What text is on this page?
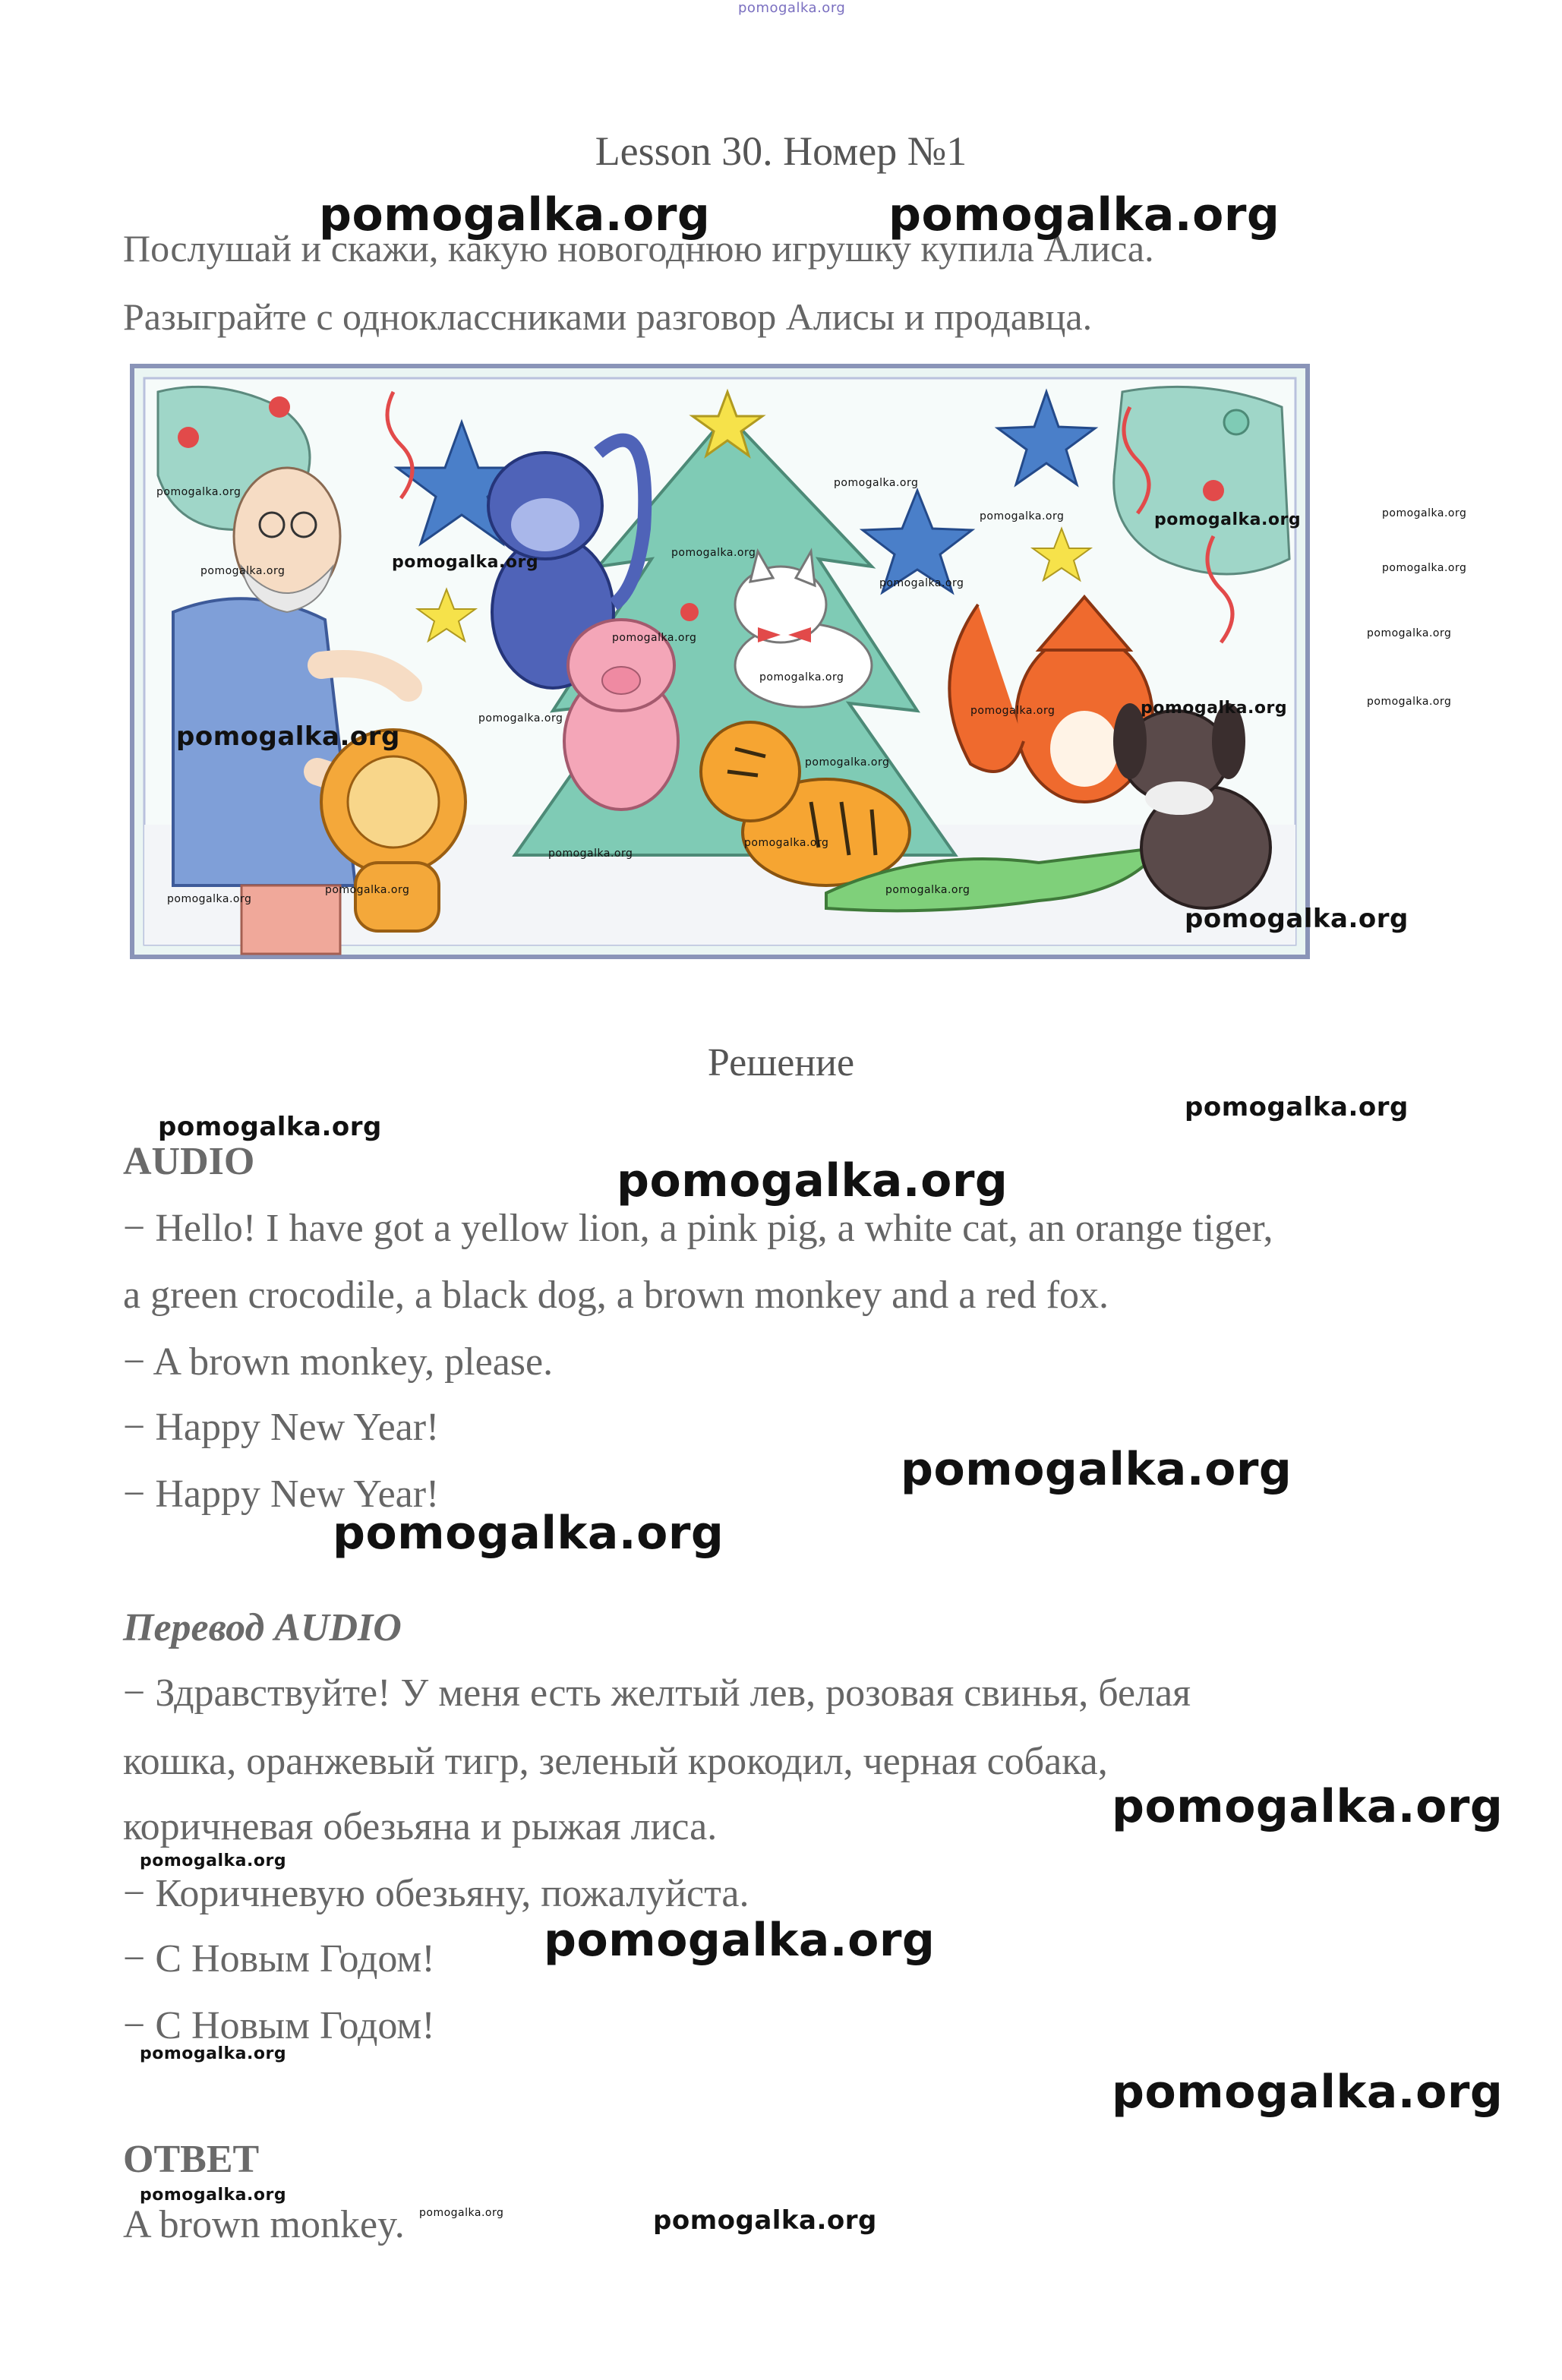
pomogalka.org
Lesson 30. Номер №1
Послушай и скажи, какую новогоднюю игрушку купила Алиса.
Разыграйте с одноклассниками разговор Алисы и продавца.
pomogalka.org	pomogalka.org
pomogalka.org
pomogalka.org
pomogalka.org	pomogalka.org	pomogalka.org
pomogalka.org	pomogalka.org
pomogalka.org
pomogalka.org
pomogalka.org
pomogalka.org	pomogalka.org
pomogalka.org
pomogalka.org
pomogalka.org	pomogalka.org	pomogalka.org
pomogalka.org
pomogalka.org
pomogalka.org
pomogalka.org
pomogalka.org	pomogalka.org
pomogalka.org
pomogalka.org
Решение
pomogalka.org
pomogalka.org
pomogalka.org
AUDIO
− Hello! I have got a yellow lion, a pink pig, a white cat, an orange tiger,
a green crocodile, a black dog, a brown monkey and a red fox.
− A brown monkey, please.
− Happy New Year!
− Happy New Year!	pomogalka.org
pomogalka.org
Перевод AUDIO
− Здравствуйте! У меня есть желтый лев, розовая свинья, белая
кошка, оранжевый тигр, зеленый крокодил, черная собака,
коричневая обезьяна и рыжая лиса.
− Коричневую обезьяну, пожалуйста.
− С Новым Годом!
− С Новым Годом!
pomogalka.org
pomogalka.org
pomogalka.org
pomogalka.org
pomogalka.org
ОТВЕТ
pomogalka.org
A brown monkey. pomogalka.org	pomogalka.org
